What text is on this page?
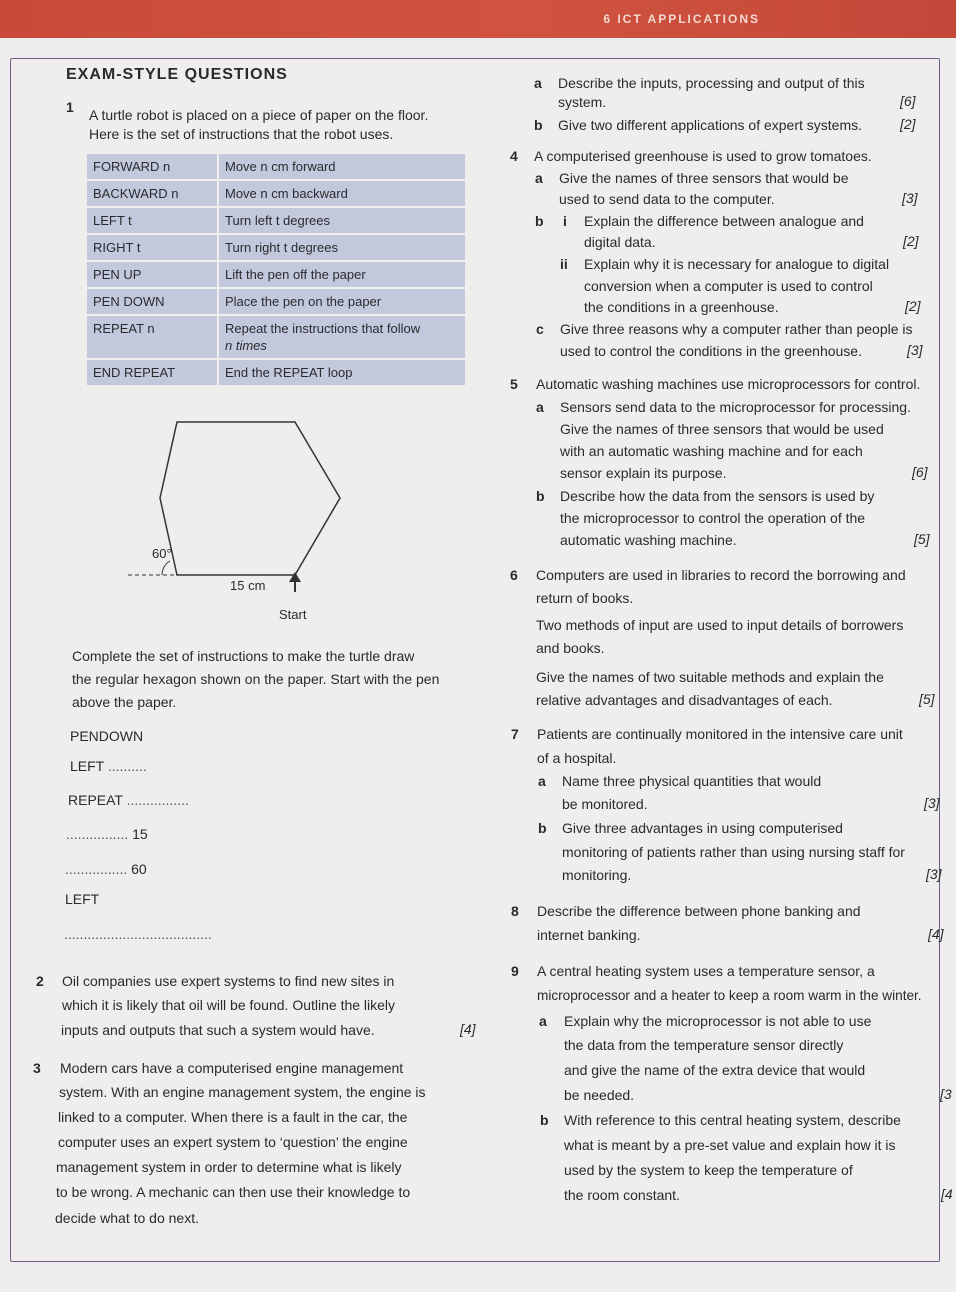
6 ICT APPLICATIONS
EXAM-STYLE QUESTIONS
1 A turtle robot is placed on a piece of paper on the floor.
Here is the set of instructions that the robot uses.
FORWARD n	Move n cm forward
BACKWARD n	Move n cm backward
LEFT t	Turn left t degrees
RIGHT t	Turn right t degrees
PEN UP	Lift the pen off the paper
PEN DOWN	Place the pen on the paper
REPEAT n	Repeat the instructions that follow
n times
END REPEAT	End the REPEAT loop
60°
15 cm
Start
Complete the set of instructions to make the turtle draw
the regular hexagon shown on the paper. Start with the pen
above the paper.
PENDOWN
LEFT ..........
REPEAT ................
................ 15
................ 60
LEFT
......................................
2 Oil companies use expert systems to find new sites in
which it is likely that oil will be found. Outline the likely
inputs and outputs that such a system would have.	[4]
3 Modern cars have a computerised engine management
system. With an engine management system, the engine is
linked to a computer. When there is a fault in the car, the
computer uses an expert system to ‘question’ the engine
management system in order to determine what is likely
to be wrong. A mechanic can then use their knowledge to
decide what to do next.
a Describe the inputs, processing and output of this
system.	[6]
b Give two different applications of expert systems.	[2]
4 A computerised greenhouse is used to grow tomatoes.
a Give the names of three sensors that would be
used to send data to the computer.	[3]
b i Explain the difference between analogue and
digital data.	[2]
ii Explain why it is necessary for analogue to digital
conversion when a computer is used to control
the conditions in a greenhouse.	[2]
c Give three reasons why a computer rather than people is
used to control the conditions in the greenhouse.	[3]
5 Automatic washing machines use microprocessors for control.
a Sensors send data to the microprocessor for processing.
Give the names of three sensors that would be used
with an automatic washing machine and for each
sensor explain its purpose.	[6]
b Describe how the data from the sensors is used by
the microprocessor to control the operation of the
automatic washing machine.	[5]
6 Computers are used in libraries to record the borrowing and
return of books.
Two methods of input are used to input details of borrowers
and books.
Give the names of two suitable methods and explain the
relative advantages and disadvantages of each.	[5]
7 Patients are continually monitored in the intensive care unit
of a hospital.
a Name three physical quantities that would
be monitored.	[3]
b Give three advantages in using computerised
monitoring of patients rather than using nursing staff for
monitoring.	[3]
8 Describe the difference between phone banking and
internet banking.	[4]
9 A central heating system uses a temperature sensor, a
microprocessor and a heater to keep a room warm in the winter.
a Explain why the microprocessor is not able to use
the data from the temperature sensor directly
and give the name of the extra device that would
be needed.	[3
b With reference to this central heating system, describe
what is meant by a pre-set value and explain how it is
used by the system to keep the temperature of
the room constant.	[4
